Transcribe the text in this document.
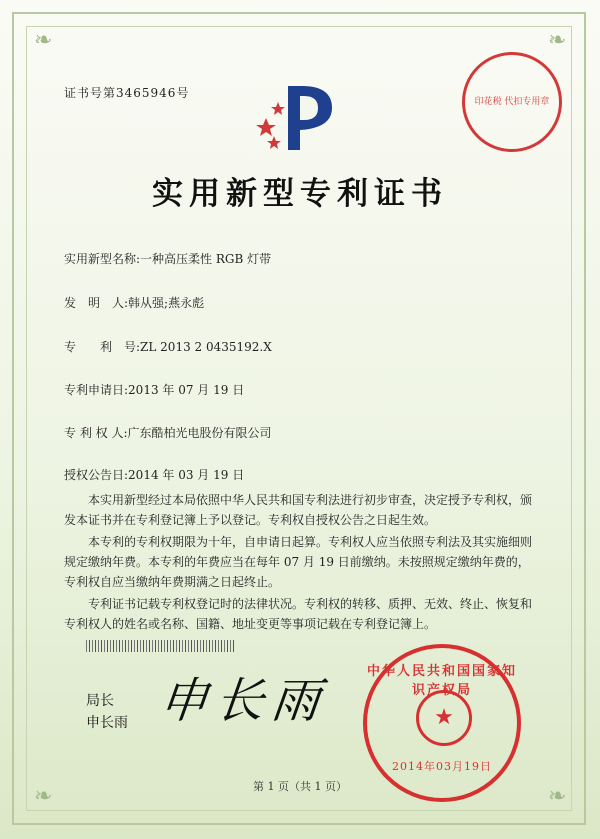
❧	❧
❧	❧
证书号第3465946号
印花税 代扣专用章
实用新型专利证书
实用新型名称:一种高压柔性 RGB 灯带
发　明　人:韩从强;燕永彪
专　　利　号:ZL 2013 2 0435192.X
专利申请日:2013 年 07 月 19 日
专 利 权 人:广东酷柏光电股份有限公司
授权公告日:2014 年 03 月 19 日

本实用新型经过本局依照中华人民共和国专利法进行初步审查，决定授予专利权，颁发本证书并在专利登记簿上予以登记。专利权自授权公告之日起生效。

本专利的专利权期限为十年，自申请日起算。专利权人应当依照专利法及其实施细则规定缴纳年费。本专利的年费应当在每年 07 月 19 日前缴纳。未按照规定缴纳年费的，专利权自应当缴纳年费期满之日起终止。

专利证书记载专利权登记时的法律状况。专利权的转移、质押、无效、终止、恢复和专利权人的姓名或名称、国籍、地址变更等事项记载在专利登记簿上。

局长
申长雨 申长雨
中华人民共和国国家知识产权局
★
2014年03月19日
第 1 页（共 1 页）
